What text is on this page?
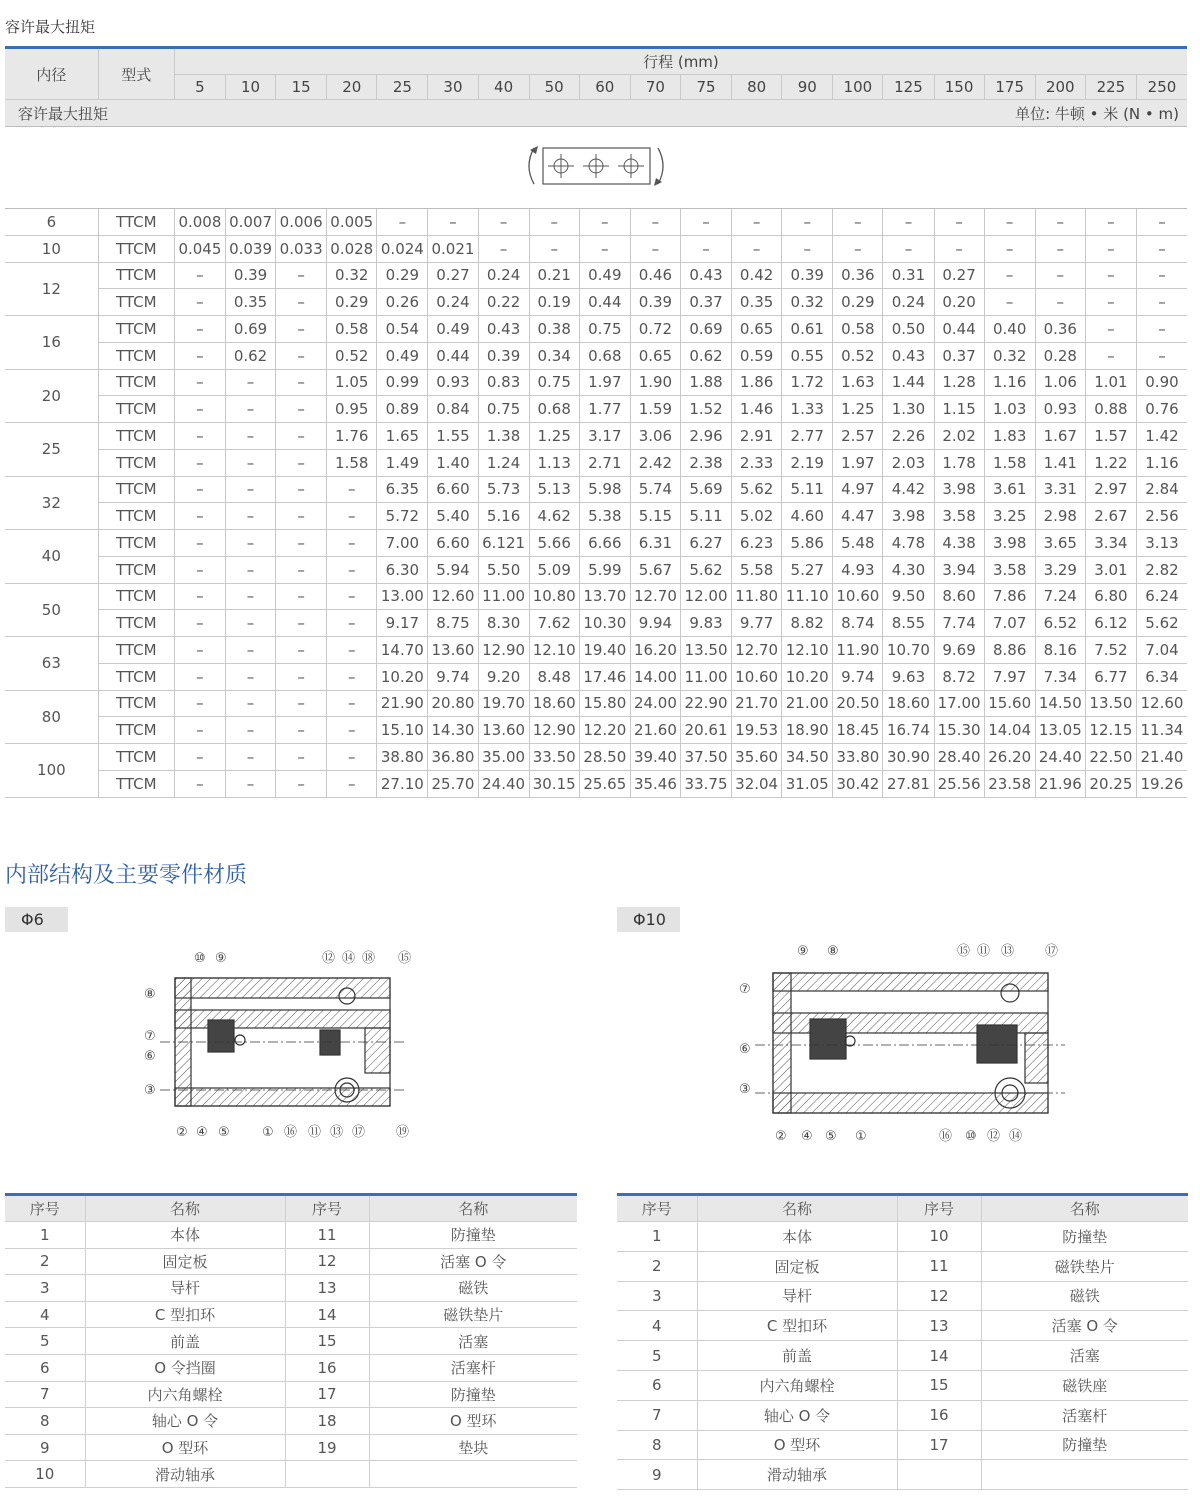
容许最大扭矩
内径	型式	行程 (mm)																			
		5	10	15	20	25	30	40	50	60	70	75	80	90	100	125	150	175	200	225	250
容许最大扭矩 单位: 牛顿 • 米 (N • m)																					

6	TTCM	0.008	0.007	0.006	0.005	–	–	–	–	–	–	–	–	–	–	–	–	–	–	–	–
10	TTCM	0.045	0.039	0.033	0.028	0.024	0.021	–	–	–	–	–	–	–	–	–	–	–	–	–	–
12	TTCM	–	0.39	–	0.32	0.29	0.27	0.24	0.21	0.49	0.46	0.43	0.42	0.39	0.36	0.31	0.27	–	–	–	–
	TTCM	–	0.35	–	0.29	0.26	0.24	0.22	0.19	0.44	0.39	0.37	0.35	0.32	0.29	0.24	0.20	–	–	–	–
16	TTCM	–	0.69	–	0.58	0.54	0.49	0.43	0.38	0.75	0.72	0.69	0.65	0.61	0.58	0.50	0.44	0.40	0.36	–	–
	TTCM	–	0.62	–	0.52	0.49	0.44	0.39	0.34	0.68	0.65	0.62	0.59	0.55	0.52	0.43	0.37	0.32	0.28	–	–
20	TTCM	–	–	–	1.05	0.99	0.93	0.83	0.75	1.97	1.90	1.88	1.86	1.72	1.63	1.44	1.28	1.16	1.06	1.01	0.90
	TTCM	–	–	–	0.95	0.89	0.84	0.75	0.68	1.77	1.59	1.52	1.46	1.33	1.25	1.30	1.15	1.03	0.93	0.88	0.76
25	TTCM	–	–	–	1.76	1.65	1.55	1.38	1.25	3.17	3.06	2.96	2.91	2.77	2.57	2.26	2.02	1.83	1.67	1.57	1.42
	TTCM	–	–	–	1.58	1.49	1.40	1.24	1.13	2.71	2.42	2.38	2.33	2.19	1.97	2.03	1.78	1.58	1.41	1.22	1.16
32	TTCM	–	–	–	–	6.35	6.60	5.73	5.13	5.98	5.74	5.69	5.62	5.11	4.97	4.42	3.98	3.61	3.31	2.97	2.84
	TTCM	–	–	–	–	5.72	5.40	5.16	4.62	5.38	5.15	5.11	5.02	4.60	4.47	3.98	3.58	3.25	2.98	2.67	2.56
40	TTCM	–	–	–	–	7.00	6.60	6.121	5.66	6.66	6.31	6.27	6.23	5.86	5.48	4.78	4.38	3.98	3.65	3.34	3.13
	TTCM	–	–	–	–	6.30	5.94	5.50	5.09	5.99	5.67	5.62	5.58	5.27	4.93	4.30	3.94	3.58	3.29	3.01	2.82
50	TTCM	–	–	–	–	13.00	12.60	11.00	10.80	13.70	12.70	12.00	11.80	11.10	10.60	9.50	8.60	7.86	7.24	6.80	6.24
	TTCM	–	–	–	–	9.17	8.75	8.30	7.62	10.30	9.94	9.83	9.77	8.82	8.74	8.55	7.74	7.07	6.52	6.12	5.62
63	TTCM	–	–	–	–	14.70	13.60	12.90	12.10	19.40	16.20	13.50	12.70	12.10	11.90	10.70	9.69	8.86	8.16	7.52	7.04
	TTCM	–	–	–	–	10.20	9.74	9.20	8.48	17.46	14.00	11.00	10.60	10.20	9.74	9.63	8.72	7.97	7.34	6.77	6.34
80	TTCM	–	–	–	–	21.90	20.80	19.70	18.60	15.80	24.00	22.90	21.70	21.00	20.50	18.60	17.00	15.60	14.50	13.50	12.60
	TTCM	–	–	–	–	15.10	14.30	13.60	12.90	12.20	21.60	20.61	19.53	18.90	18.45	16.74	15.30	14.04	13.05	12.15	11.34
100	TTCM	–	–	–	–	38.80	36.80	35.00	33.50	28.50	39.40	37.50	35.60	34.50	33.80	30.90	28.40	26.20	24.40	22.50	21.40
	TTCM	–	–	–	–	27.10	25.70	24.40	30.15	25.65	35.46	33.75	32.04	31.05	30.42	27.81	25.56	23.58	21.96	20.25	19.26
内部结构及主要零件材质
Φ6	Φ10
⑩ ⑨	⑫ ⑭ ⑱ ⑮
⑧
⑦
⑥
③
② ④ ⑤ ① ⑯ ⑪ ⑬ ⑰ ⑲
⑨ ⑧	⑮ ⑪ ⑬ ⑰
⑦
⑥
③
② ④ ⑤ ①	⑯ ⑩ ⑫ ⑭
序号	名称	序号	名称
1	本体	11	防撞垫
2	固定板	12	活塞 O 令
3	导杆	13	磁铁
4	C 型扣环	14	磁铁垫片
5	前盖	15	活塞
6	O 令挡圈	16	活塞杆
7	内六角螺栓	17	防撞垫
8	轴心 O 令	18	O 型环
9	O 型环	19	垫块
10	滑动轴承		
序号	名称	序号	名称
1	本体	10	防撞垫
2	固定板	11	磁铁垫片
3	导杆	12	磁铁
4	C 型扣环	13	活塞 O 令
5	前盖	14	活塞
6	内六角螺栓	15	磁铁座
7	轴心 O 令	16	活塞杆
8	O 型环	17	防撞垫
9	滑动轴承		
